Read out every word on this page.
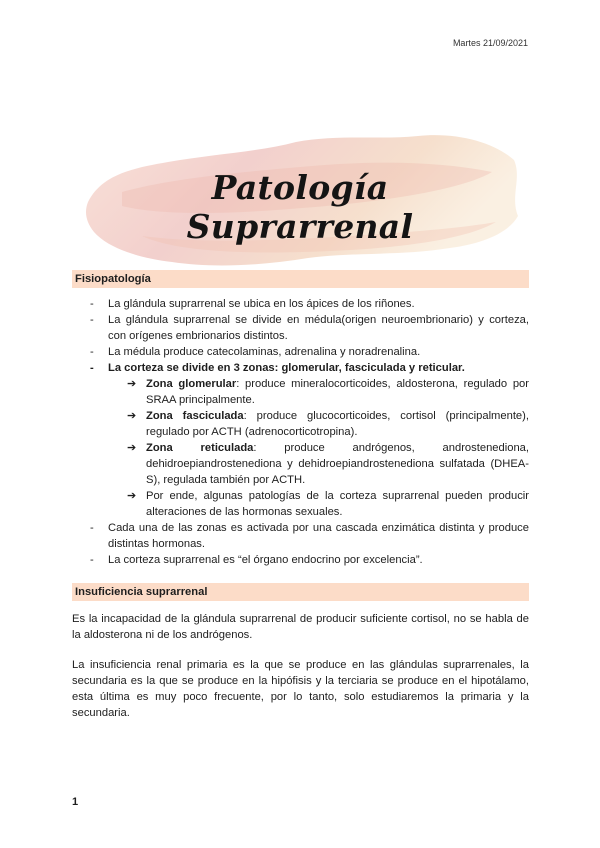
Martes 21/09/2021
Patología Suprarrenal
Fisiopatología
- La glándula suprarrenal se ubica en los ápices de los riñones.
- La glándula suprarrenal se divide en médula(origen neuroembrionario) y corteza, con orígenes embrionarios distintos.
- La médula produce catecolaminas, adrenalina y noradrenalina.
- La corteza se divide en 3 zonas: glomerular, fasciculada y reticular.
➔ Zona glomerular: produce mineralocorticoides, aldosterona, regulado por SRAA principalmente.
➔ Zona fasciculada: produce glucocorticoides, cortisol (principalmente), regulado por ACTH (adrenocorticotropina).
➔ Zona reticulada: produce andrógenos, androstenediona, dehidroepiandrostenediona y dehidroepiandrostenediona sulfatada (DHEA-S), regulada también por ACTH.
➔ Por ende, algunas patologías de la corteza suprarrenal pueden producir alteraciones de las hormonas sexuales.
- Cada una de las zonas es activada por una cascada enzimática distinta y produce distintas hormonas.
- La corteza suprarrenal es “el órgano endocrino por excelencia”.
Insuficiencia suprarrenal

Es la incapacidad de la glándula suprarrenal de producir suficiente cortisol, no se habla de la aldosterona ni de los andrógenos.

La insuficiencia renal primaria es la que se produce en las glándulas suprarrenales, la secundaria es la que se produce en la hipófisis y la terciaria se produce en el hipotálamo, esta última es muy poco frecuente, por lo tanto, solo estudiaremos la primaria y la secundaria.

1
